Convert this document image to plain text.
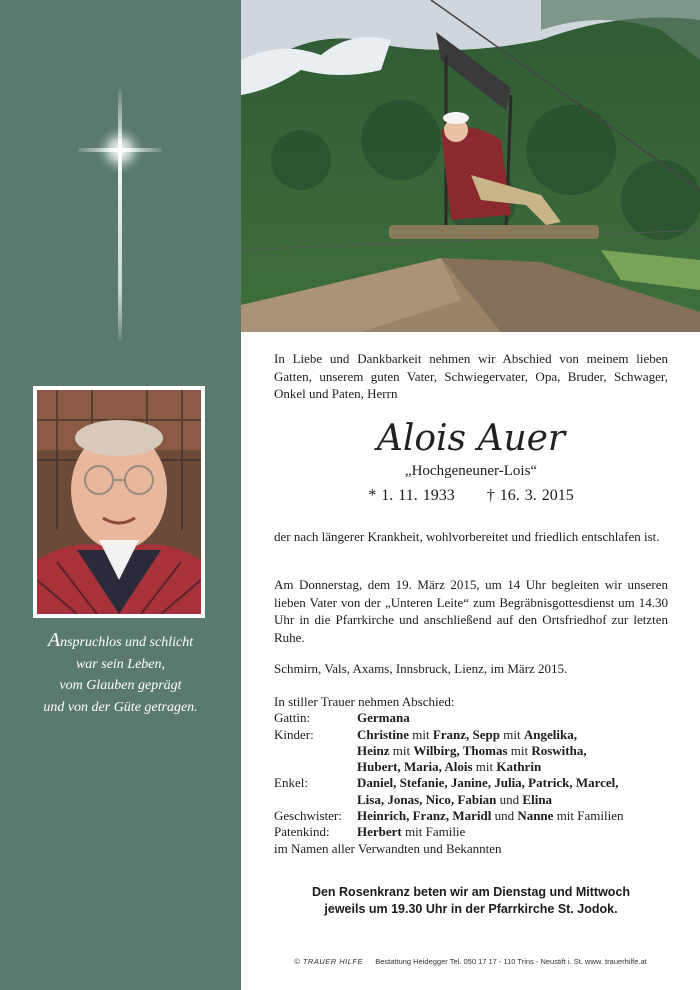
Anspruchlos und schlicht
war sein Leben,
vom Glauben geprägt
und von der Güte getragen.
In Liebe und Dankbarkeit nehmen wir Abschied von meinem lieben Gatten, unserem guten Vater, Schwiegervater, Opa, Bruder, Schwager, Onkel und Paten, Herrn
Alois Auer
„Hochgeneuner-Lois“
* 1. 11. 1933 † 16. 3. 2015
der nach längerer Krankheit, wohlvorbereitet und friedlich entschlafen ist.
Am Donnerstag, dem 19. März 2015, um 14 Uhr begleiten wir unseren lieben Vater von der „Unteren Leite“ zum Begräbnisgottesdienst um 14.30 Uhr in die Pfarrkirche und anschließend auf den Ortsfriedhof zur letzten Ruhe.
Schmirn, Vals, Axams, Innsbruck, Lienz, im März 2015.
In stiller Trauer nehmen Abschied:
Gattin:	Germana
Kinder:	Christine mit Franz, Sepp mit Angelika,
Heinz mit Wilbirg, Thomas mit Roswitha,
Hubert, Maria, Alois mit Kathrin
Enkel:	Daniel, Stefanie, Janine, Julia, Patrick, Marcel,
Lisa, Jonas, Nico, Fabian und Elina
Geschwister:	Heinrich, Franz, Maridl und Nanne mit Familien
Patenkind:	Herbert mit Familie
im Namen aller Verwandten und Bekannten
Den Rosenkranz beten wir am Dienstag und Mittwoch
jeweils um 19.30 Uhr in der Pfarrkirche St. Jodok.
© TRAUER HILFE Bestattung Heidegger Tel. 050 17 17 - 110 Trins - Neustift i. St. www. trauerhilfe.at
